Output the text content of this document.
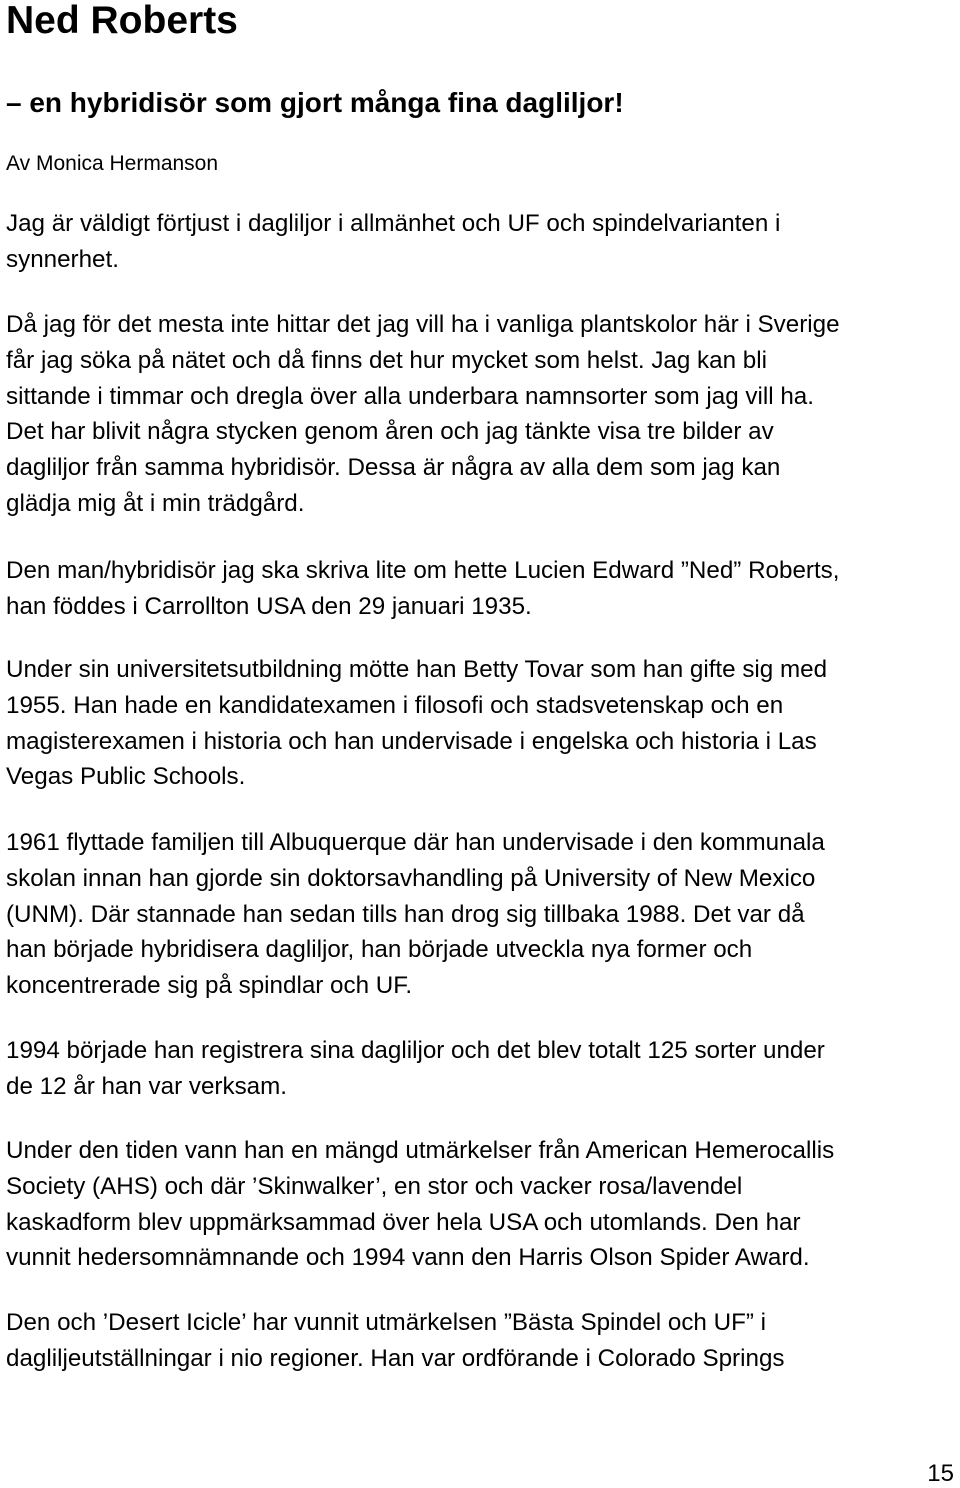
Ned Roberts
– en hybridisör som gjort många fina dagliljor!

Av Monica Hermanson

Jag är väldigt förtjust i dagliljor i allmänhet och UF och spindelvarianten i
synnerhet.

Då jag för det mesta inte hittar det jag vill ha i vanliga plantskolor här i Sverige
får jag söka på nätet och då finns det hur mycket som helst. Jag kan bli
sittande i timmar och dregla över alla underbara namnsorter som jag vill ha.
Det har blivit några stycken genom åren och jag tänkte visa tre bilder av
dagliljor från samma hybridisör. Dessa är några av alla dem som jag kan
glädja mig åt i min trädgård.

Den man/hybridisör jag ska skriva lite om hette Lucien Edward ”Ned” Roberts,
han föddes i Carrollton USA den 29 januari 1935.

Under sin universitetsutbildning mötte han Betty Tovar som han gifte sig med
1955. Han hade en kandidatexamen i filosofi och stadsvetenskap och en
magisterexamen i historia och han undervisade i engelska och historia i Las
Vegas Public Schools.

1961 flyttade familjen till Albuquerque där han undervisade i den kommunala
skolan innan han gjorde sin doktorsavhandling på University of New Mexico
(UNM). Där stannade han sedan tills han drog sig tillbaka 1988. Det var då
han började hybridisera dagliljor, han började utveckla nya former och
koncentrerade sig på spindlar och UF.

1994 började han registrera sina dagliljor och det blev totalt 125 sorter under
de 12 år han var verksam.

Under den tiden vann han en mängd utmärkelser från American Hemerocallis
Society (AHS) och där ’Skinwalker’, en stor och vacker rosa/lavendel
kaskadform blev uppmärksammad över hela USA och utomlands. Den har
vunnit hedersomnämnande och 1994 vann den Harris Olson Spider Award.

Den och ’Desert Icicle’ har vunnit utmärkelsen ”Bästa Spindel och UF” i
dagliljeutställningar i nio regioner. Han var ordförande i Colorado Springs

15
